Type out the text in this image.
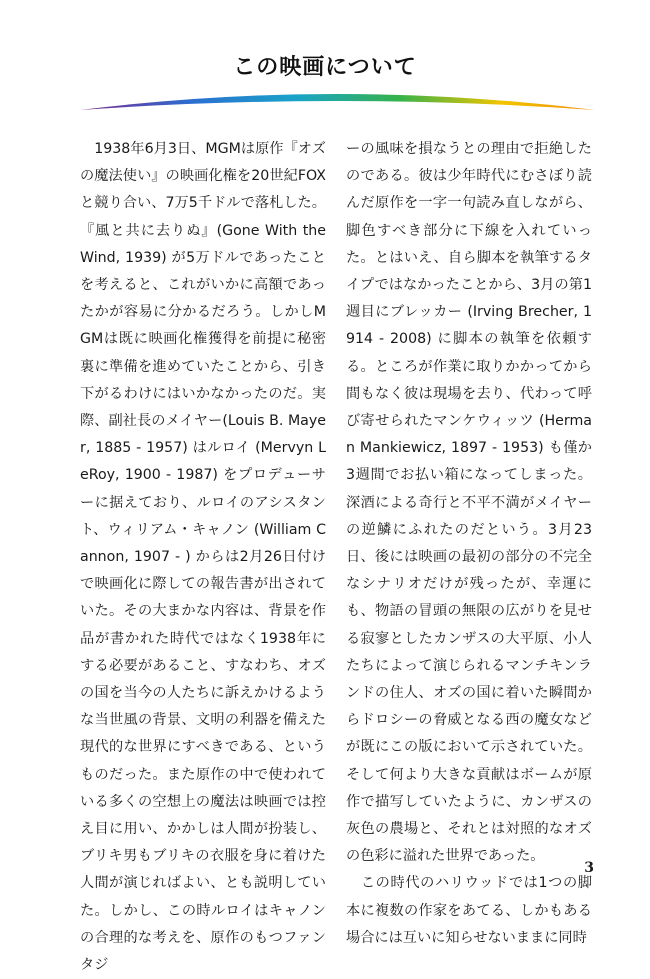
この映画について

　1938年6月3日、MGMは原作『オズの魔法使い』の映画化権を20世紀FOXと競り合い、7万5千ドルで落札した。『風と共に去りぬ』(Gone With the Wind, 1939) が5万ドルであったことを考えると、これがいかに高額であったかが容易に分かるだろう。しかしMGMは既に映画化権獲得を前提に秘密裏に準備を進めていたことから、引き下がるわけにはいかなかったのだ。実際、副社長のメイヤー(Louis B. Mayer, 1885 - 1957) はルロイ (Mervyn LeRoy, 1900 - 1987) をプロデューサーに据えており、ルロイのアシスタント、ウィリアム・キャノン (William Cannon, 1907 - ) からは2月26日付けで映画化に際しての報告書が出されていた。その大まかな内容は、背景を作品が書かれた時代ではなく1938年にする必要があること、すなわち、オズの国を当今の人たちに訴えかけるような当世風の背景、文明の利器を備えた現代的な世界にすべきである、というものだった。また原作の中で使われている多くの空想上の魔法は映画では控え目に用い、かかしは人間が扮装し、ブリキ男もブリキの衣服を身に着けた人間が演じればよい、とも説明していた。しかし、この時ルロイはキャノンの合理的な考えを、原作のもつファンタジ

ーの風味を損なうとの理由で拒絶したのである。彼は少年時代にむさぼり読んだ原作を一字一句読み直しながら、脚色すべき部分に下線を入れていった。とはいえ、自ら脚本を執筆するタイプではなかったことから、3月の第1週目にブレッカー (Irving Brecher, 1914 - 2008) に脚本の執筆を依頼する。ところが作業に取りかかってから間もなく彼は現場を去り、代わって呼び寄せられたマンケウィッツ (Herman Mankiewicz, 1897 - 1953) も僅か3週間でお払い箱になってしまった。深酒による奇行と不平不満がメイヤーの逆鱗にふれたのだという。3月23日、後には映画の最初の部分の不完全なシナリオだけが残ったが、幸運にも、物語の冒頭の無限の広がりを見せる寂寥としたカンザスの大平原、小人たちによって演じられるマンチキンランドの住人、オズの国に着いた瞬間からドロシーの脅威となる西の魔女などが既にこの版において示されていた。そして何より大きな貢献はボームが原作で描写していたように、カンザスの灰色の農場と、それとは対照的なオズの色彩に溢れた世界であった。

　この時代のハリウッドでは1つの脚本に複数の作家をあてる、しかもある場合には互いに知らせないままに同時

3
